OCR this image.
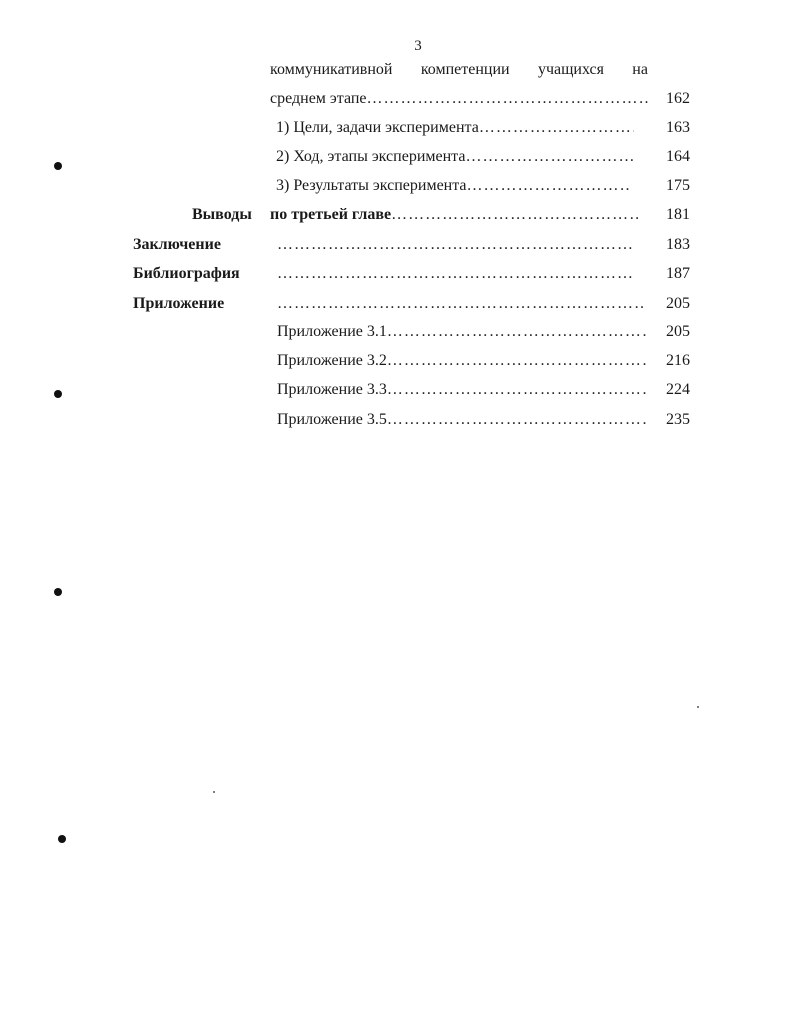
3
коммуникативной компетенции учащихся на
среднем этапе …………………………………………………………………………………………………………	162
1) Цели, задачи эксперимента …………………………………………………………………………………………………………	163
2) Ход, этапы эксперимента …………………………………………………………………………………………………………	164
3) Результаты эксперимента …………………………………………………………………………………………………………	175
Выводы по третьей главе …………………………………………………………………………………………………………	181
Заключение …………………………………………………………………………………………………………	183
Библиография …………………………………………………………………………………………………………	187
Приложение …………………………………………………………………………………………………………	205
Приложение 3.1 …………………………………………………………………………………………………………	205
Приложение 3.2 …………………………………………………………………………………………………………	216
Приложение 3.3 …………………………………………………………………………………………………………	224
Приложение 3.5 …………………………………………………………………………………………………………	235
